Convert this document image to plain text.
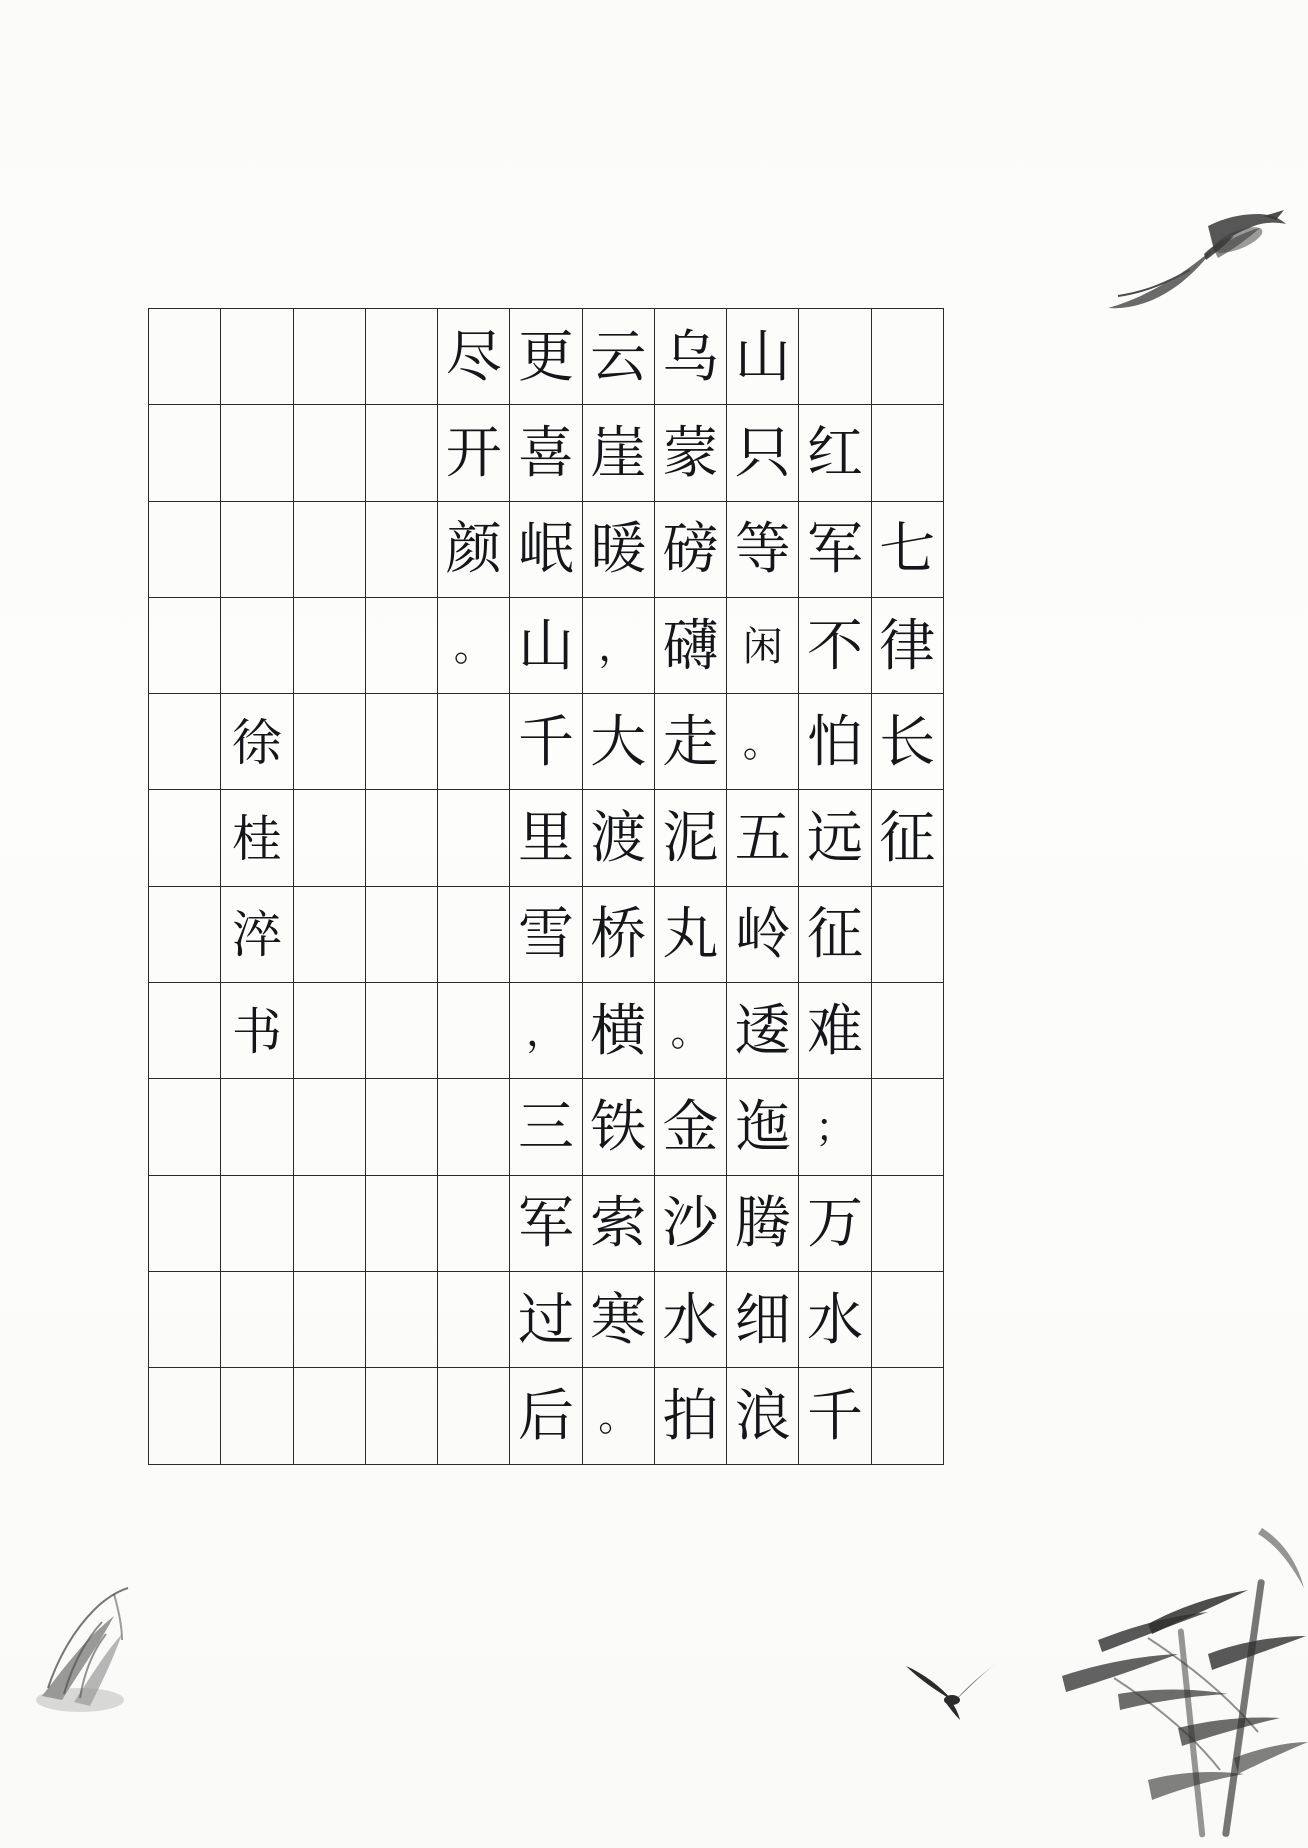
				尽	更	云	乌	山		

				开	喜	崖	蒙	只	红	

				颜	岷	暖	磅	等	军	七

				。	山	，	礴	闲	不	律

	徐				千	大	走	。	怕	长

	桂				里	渡	泥	五	远	征

	淬				雪	桥	丸	岭	征	

	书				，	横	。	逶	难	

					三	铁	金	迤	；	

					军	索	沙	腾	万	

					过	寒	水	细	水	

					后	。	拍	浪	千	
